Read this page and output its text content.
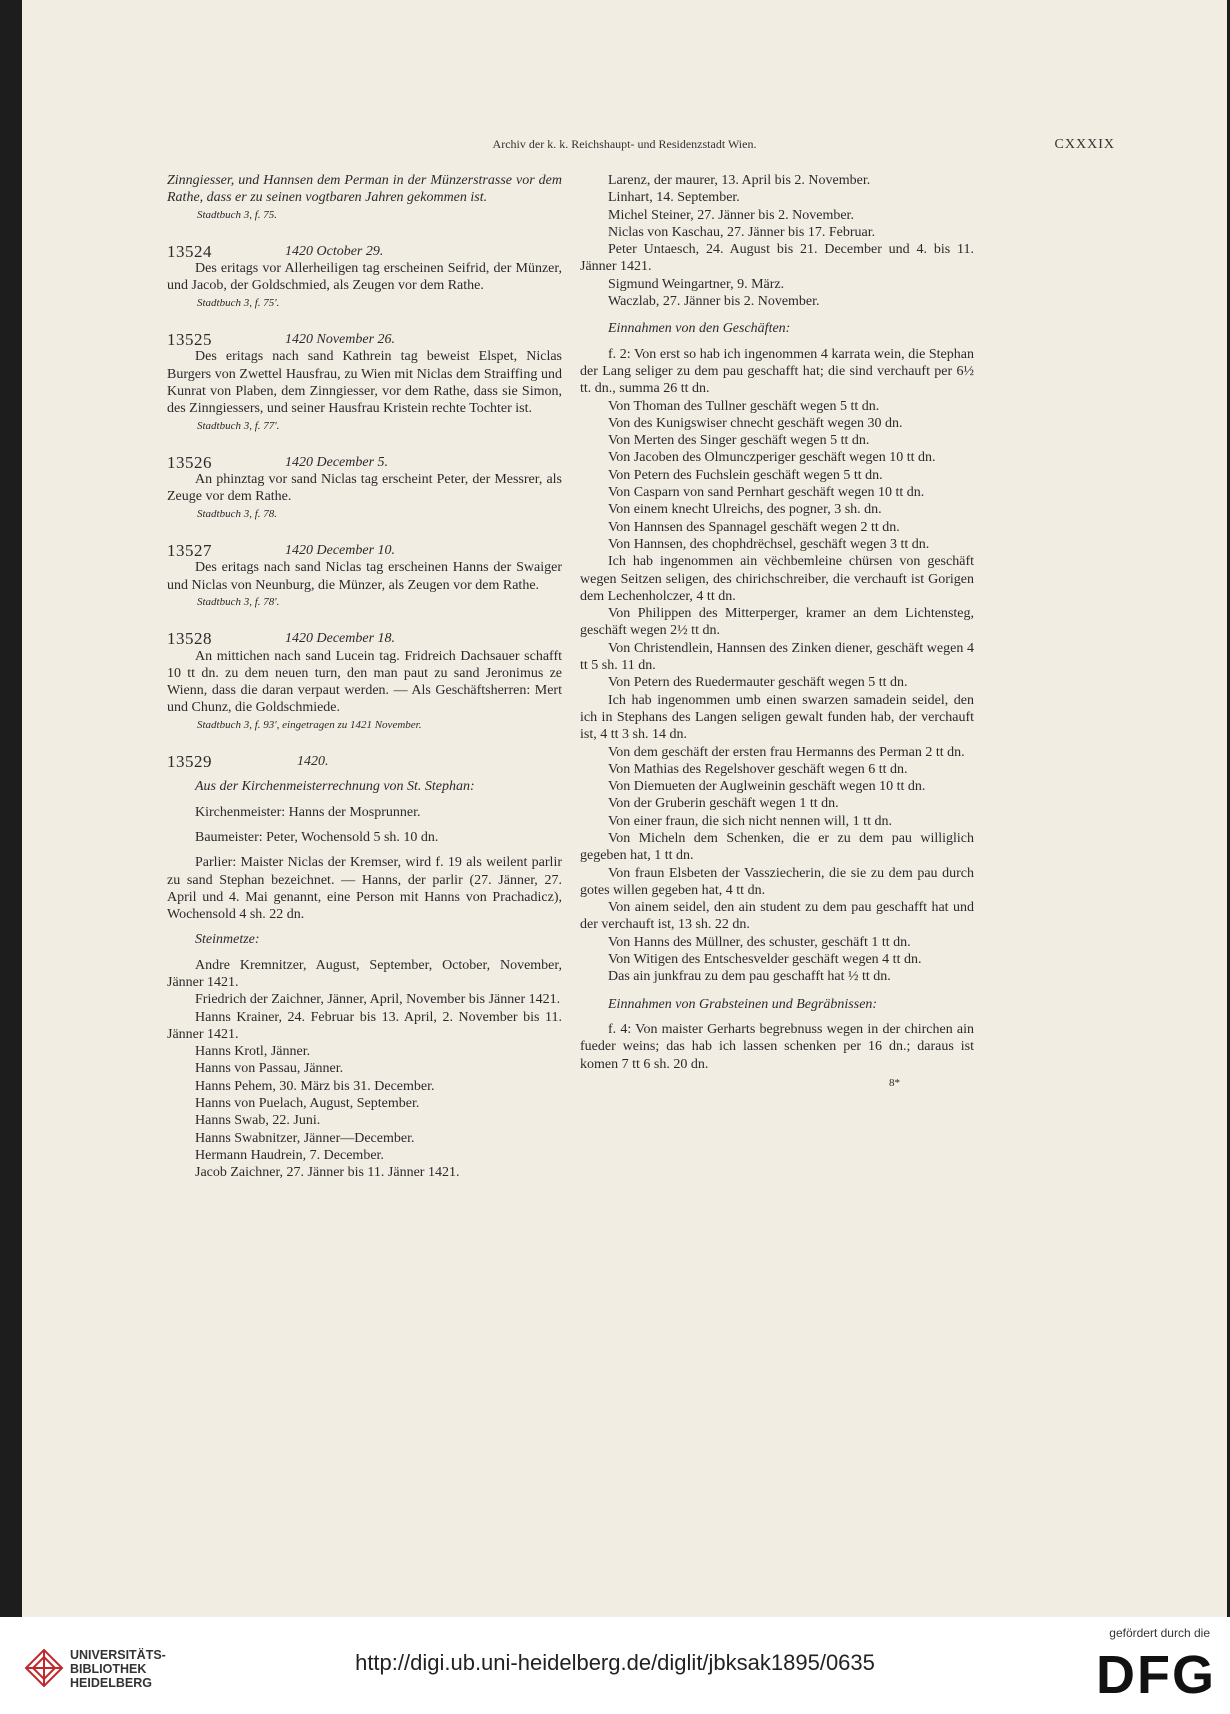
Archiv der k. k. Reichshaupt- und Residenzstadt Wien.	CXXXIX

Zinngiesser, und Hannsen dem Perman in der Münzerstrasse vor dem Rathe, dass er zu seinen vogtbaren Jahren gekommen ist.

Stadtbuch 3, f. 75.

13524	1420 October 29.

Des eritags vor Allerheiligen tag erscheinen Seifrid, der Münzer, und Jacob, der Goldschmied, als Zeugen vor dem Rathe.

Stadtbuch 3, f. 75'.

13525	1420 November 26.

Des eritags nach sand Kathrein tag beweist Elspet, Niclas Burgers von Zwettel Hausfrau, zu Wien mit Niclas dem Straiffing und Kunrat von Plaben, dem Zinngiesser, vor dem Rathe, dass sie Simon, des Zinngiessers, und seiner Hausfrau Kristein rechte Tochter ist.

Stadtbuch 3, f. 77'.

13526	1420 December 5.

An phinztag vor sand Niclas tag erscheint Peter, der Messrer, als Zeuge vor dem Rathe.

Stadtbuch 3, f. 78.

13527	1420 December 10.

Des eritags nach sand Niclas tag erscheinen Hanns der Swaiger und Niclas von Neunburg, die Münzer, als Zeugen vor dem Rathe.

Stadtbuch 3, f. 78'.

13528	1420 December 18.

An mittichen nach sand Lucein tag. Fridreich Dachsauer schafft 10 tt dn. zu dem neuen turn, den man paut zu sand Jeronimus ze Wienn, dass die daran verpaut werden. — Als Geschäftsherren: Mert und Chunz, die Goldschmiede.

Stadtbuch 3, f. 93', eingetragen zu 1421 November.

13529	1420.

Aus der Kirchenmeisterrechnung von St. Stephan:

Kirchenmeister: Hanns der Mosprunner.

Baumeister: Peter, Wochensold 5 sh. 10 dn.

Parlier: Maister Niclas der Kremser, wird f. 19 als weilent parlir zu sand Stephan bezeichnet. — Hanns, der parlir (27. Jänner, 27. April und 4. Mai genannt, eine Person mit Hanns von Prachadicz), Wochensold 4 sh. 22 dn.

Steinmetze:

Andre Kremnitzer, August, September, October, November, Jänner 1421.

Friedrich der Zaichner, Jänner, April, November bis Jänner 1421.

Hanns Krainer, 24. Februar bis 13. April, 2. November bis 11. Jänner 1421.

Hanns Krotl, Jänner.

Hanns von Passau, Jänner.

Hanns Pehem, 30. März bis 31. December.

Hanns von Puelach, August, September.

Hanns Swab, 22. Juni.

Hanns Swabnitzer, Jänner—December.

Hermann Haudrein, 7. December.

Jacob Zaichner, 27. Jänner bis 11. Jänner 1421.

Larenz, der maurer, 13. April bis 2. November.

Linhart, 14. September.

Michel Steiner, 27. Jänner bis 2. November.

Niclas von Kaschau, 27. Jänner bis 17. Februar.

Peter Untaesch, 24. August bis 21. December und 4. bis 11. Jänner 1421.

Sigmund Weingartner, 9. März.

Waczlab, 27. Jänner bis 2. November.

Einnahmen von den Geschäften:

f. 2: Von erst so hab ich ingenommen 4 karrata wein, die Stephan der Lang seliger zu dem pau geschafft hat; die sind verchauft per 6½ tt. dn., summa 26 tt dn.

Von Thoman des Tullner geschäft wegen 5 tt dn.

Von des Kunigswiser chnecht geschäft wegen 30 dn.

Von Merten des Singer geschäft wegen 5 tt dn.

Von Jacoben des Olmunczperiger geschäft wegen 10 tt dn.

Von Petern des Fuchslein geschäft wegen 5 tt dn.

Von Casparn von sand Pernhart geschäft wegen 10 tt dn.

Von einem knecht Ulreichs, des pogner, 3 sh. dn.

Von Hannsen des Spannagel geschäft wegen 2 tt dn.

Von Hannsen, des chophdrëchsel, geschäft wegen 3 tt dn.

Ich hab ingenommen ain vëchbemleine chürsen von geschäft wegen Seitzen seligen, des chirichschreiber, die verchauft ist Gorigen dem Lechenholczer, 4 tt dn.

Von Philippen des Mitterperger, kramer an dem Lichtensteg, geschäft wegen 2½ tt dn.

Von Christendlein, Hannsen des Zinken diener, geschäft wegen 4 tt 5 sh. 11 dn.

Von Petern des Ruedermauter geschäft wegen 5 tt dn.

Ich hab ingenommen umb einen swarzen samadein seidel, den ich in Stephans des Langen seligen gewalt funden hab, der verchauft ist, 4 tt 3 sh. 14 dn.

Von dem geschäft der ersten frau Hermanns des Perman 2 tt dn.

Von Mathias des Regelshover geschäft wegen 6 tt dn.

Von Diemueten der Auglweinin geschäft wegen 10 tt dn.

Von der Gruberin geschäft wegen 1 tt dn.

Von einer fraun, die sich nicht nennen will, 1 tt dn.

Von Micheln dem Schenken, die er zu dem pau williglich gegeben hat, 1 tt dn.

Von fraun Elsbeten der Vassziecherin, die sie zu dem pau durch gotes willen gegeben hat, 4 tt dn.

Von ainem seidel, den ain student zu dem pau geschafft hat und der verchauft ist, 13 sh. 22 dn.

Von Hanns des Müllner, des schuster, geschäft 1 tt dn.

Von Witigen des Entschesvelder geschäft wegen 4 tt dn.

Das ain junkfrau zu dem pau geschafft hat ½ tt dn.

Einnahmen von Grabsteinen und Begräbnissen:

f. 4: Von maister Gerharts begrebnuss wegen in der chirchen ain fueder weins; das hab ich lassen schenken per 16 dn.; daraus ist komen 7 tt 6 sh. 20 dn.

8*
UNIVERSITÄTS-
BIBLIOTHEK
HEIDELBERG
http://digi.ub.uni-heidelberg.de/diglit/jbksak1895/0635
gefördert durch die
DFG
